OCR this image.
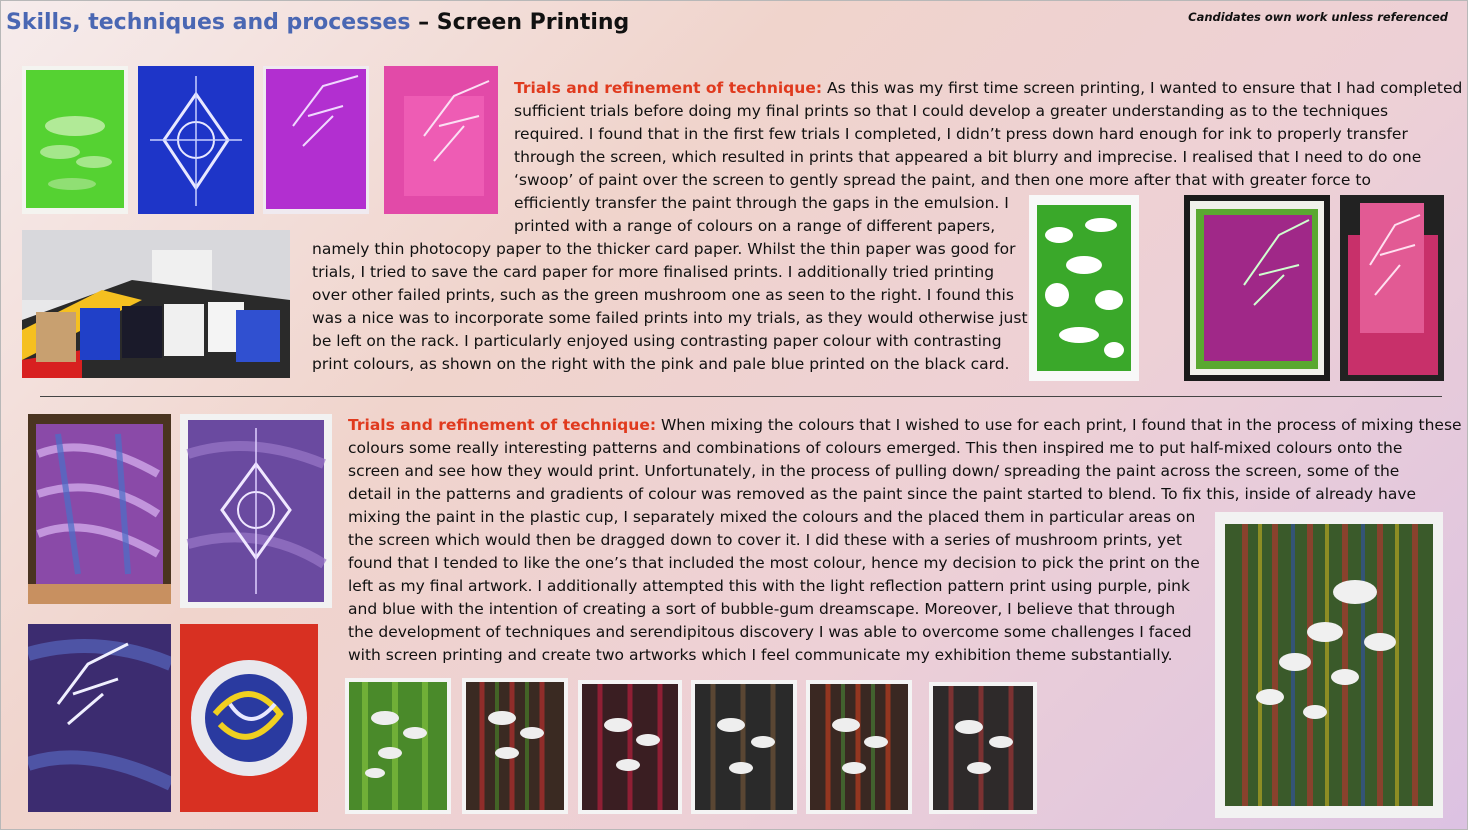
Skills, techniques and processes – Screen Printing	Candidates own work unless referenced

Trials and refinement of technique: As this was my first time screen printing, I wanted to ensure that I had completed

sufficient trials before doing my final prints so that I could develop a greater understanding as to the techniques

required. I found that in the first few trials I completed, I didn’t press down hard enough for ink to properly transfer

through the screen, which resulted in prints that appeared a bit blurry and imprecise. I realised that I need to do one

‘swoop’ of paint over the screen to gently spread the paint, and then one more after that with greater force to

efficiently transfer the paint through the gaps in the emulsion. I

printed with a range of colours on a range of different papers,

namely thin photocopy paper to the thicker card paper. Whilst the thin paper was good for

trials, I tried to save the card paper for more finalised prints. I additionally tried printing

over other failed prints, such as the green mushroom one as seen to the right. I found this

was a nice was to incorporate some failed prints into my trials, as they would otherwise just

be left on the rack. I particularly enjoyed using contrasting paper colour with contrasting

print colours, as shown on the right with the pink and pale blue printed on the black card.

Trials and refinement of technique: When mixing the colours that I wished to use for each print, I found that in the process of mixing these

colours some really interesting patterns and combinations of colours emerged. This then inspired me to put half-mixed colours onto the

screen and see how they would print. Unfortunately, in the process of pulling down/ spreading the paint across the screen, some of the

detail in the patterns and gradients of colour was removed as the paint since the paint started to blend. To fix this, inside of already have

mixing the paint in the plastic cup, I separately mixed the colours and the placed them in particular areas on

the screen which would then be dragged down to cover it. I did these with a series of mushroom prints, yet

found that I tended to like the one’s that included the most colour, hence my decision to pick the print on the

left as my final artwork. I additionally attempted this with the light reflection pattern print using purple, pink

and blue with the intention of creating a sort of bubble-gum dreamscape. Moreover, I believe that through

the development of techniques and serendipitous discovery I was able to overcome some challenges I faced

with screen printing and create two artworks which I feel communicate my exhibition theme substantially.
